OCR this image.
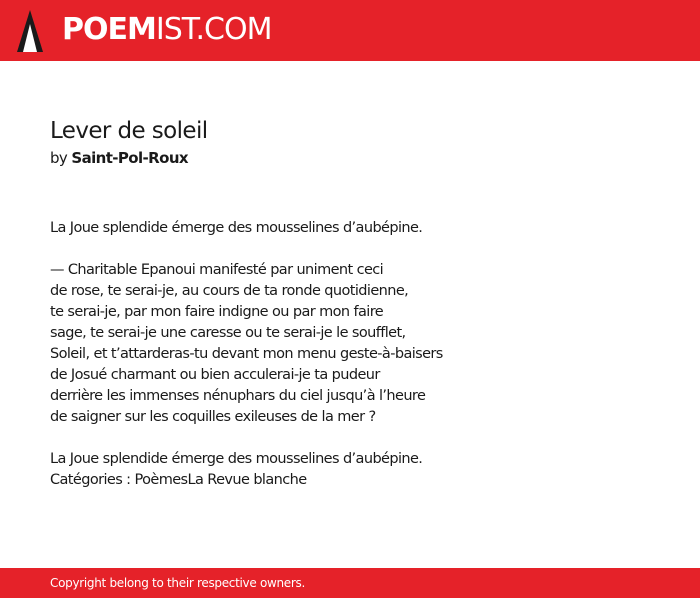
POEMIST.COM
Lever de soleil
by Saint-Pol-Roux

La Joue splendide émerge des mousselines d’aubépine.

— Charitable Epanoui manifesté par uniment ceci

de rose, te serai-je, au cours de ta ronde quotidienne,

te serai-je, par mon faire indigne ou par mon faire

sage, te serai-je une caresse ou te serai-je le soufflet,

Soleil, et t’attarderas-tu devant mon menu geste-à-baisers

de Josué charmant ou bien acculerai-je ta pudeur

derrière les immenses nénuphars du ciel jusqu’à l’heure

de saigner sur les coquilles exileuses de la mer ?

La Joue splendide émerge des mousselines d’aubépine.

Catégories : PoèmesLa Revue blanche

Copyright belong to their respective owners.
